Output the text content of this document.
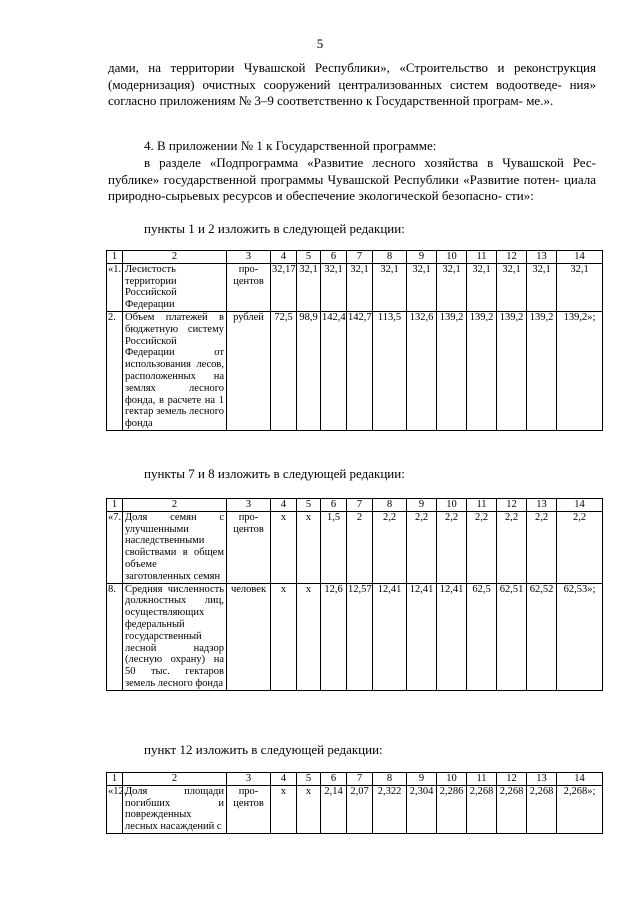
5

дами, на территории Чувашской Республики», «Строительство и реконструкция (модернизация) очистных сооружений централизованных систем водоотведе- ния» согласно приложениям № 3–9 соответственно к Государственной програм- ме.».

4. В приложении № 1 к Государственной программе:

в разделе «Подпрограмма «Развитие лесного хозяйства в Чувашской Рес- публике» государственной программы Чувашской Республики «Развитие потен- циала природно-сырьевых ресурсов и обеспечение экологической безопасно- сти»:

пункты 1 и 2 изложить в следующей редакции:

1	2	3	4	5	6	7	8	9	10	11	12	13	14
«1.	Лесистость территории Российской Федерации	про-центов	32,17	32,1	32,1	32,1	32,1	32,1	32,1	32,1	32,1	32,1	32,1
2.	Объем платежей в бюджетную систему Российской Федерации от использования лесов, расположенных на землях лесного фонда, в расчете на 1 гектар земель лесного фонда	рублей	72,5	98,9	142,4	142,7	113,5	132,6	139,2	139,2	139,2	139,2	139,2»;

пункты 7 и 8 изложить в следующей редакции:

1	2	3	4	5	6	7	8	9	10	11	12	13	14
«7.	Доля семян с улучшенными наследственными свойствами в общем объеме заготовленных семян	про-центов	х	х	1,5	2	2,2	2,2	2,2	2,2	2,2	2,2	2,2
8.	Средняя численность должностных лиц, осуществляющих федеральный государственный лесной надзор (лесную охрану) на 50 тыс. гектаров земель лесного фонда	человек	х	х	12,6	12,57	12,41	12,41	12,41	62,5	62,51	62,52	62,53»;

пункт 12 изложить в следующей редакции:

1	2	3	4	5	6	7	8	9	10	11	12	13	14
«12.	Доля площади погибших и поврежденных лесных насаждений с	про-центов	х	х	2,14	2,07	2,322	2,304	2,286	2,268	2,268	2,268	2,268»;
